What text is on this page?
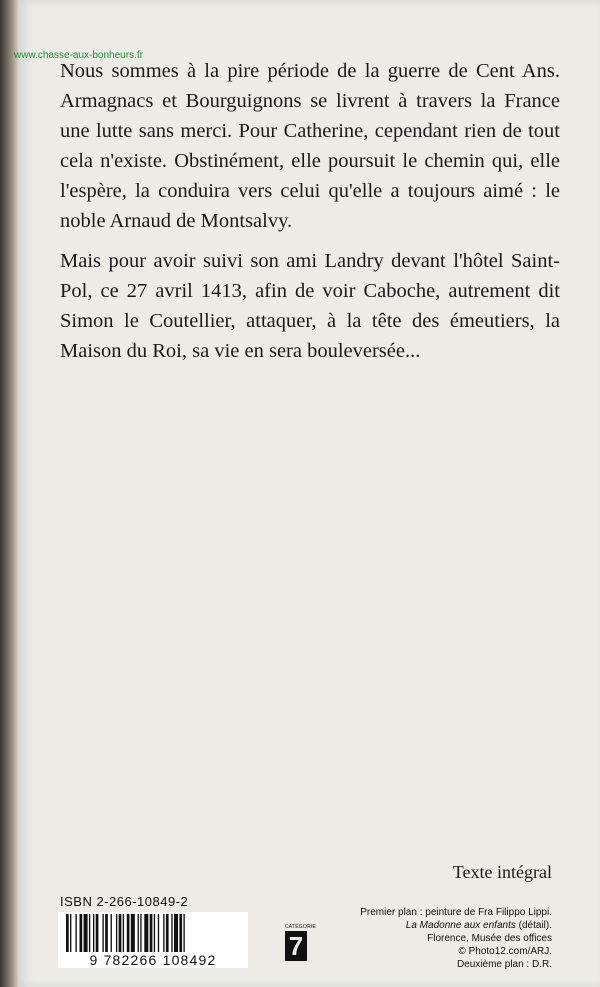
www.chasse-aux-bonheurs.fr

Nous sommes à la pire période de la guerre de Cent Ans. Armagnacs et Bourguignons se livrent à travers la France une lutte sans merci. Pour Catherine, cependant rien de tout cela n'existe. Obstinément, elle poursuit le chemin qui, elle l'espère, la conduira vers celui qu'elle a toujours aimé : le noble Arnaud de Montsalvy.

Mais pour avoir suivi son ami Landry devant l'hôtel Saint-Pol, ce 27 avril 1413, afin de voir Caboche, autrement dit Simon le Coutellier, attaquer, à la tête des émeutiers, la Maison du Roi, sa vie en sera bouleversée...

Texte intégral
ISBN 2-266-10849-2
9 782266 108492
CATÉGORIE
7
Premier plan : peinture de Fra Filippo Lippi.
La Madonne aux enfants (détail).
Florence, Musée des offices
© Photo12.com/ARJ.
Deuxième plan : D.R.
